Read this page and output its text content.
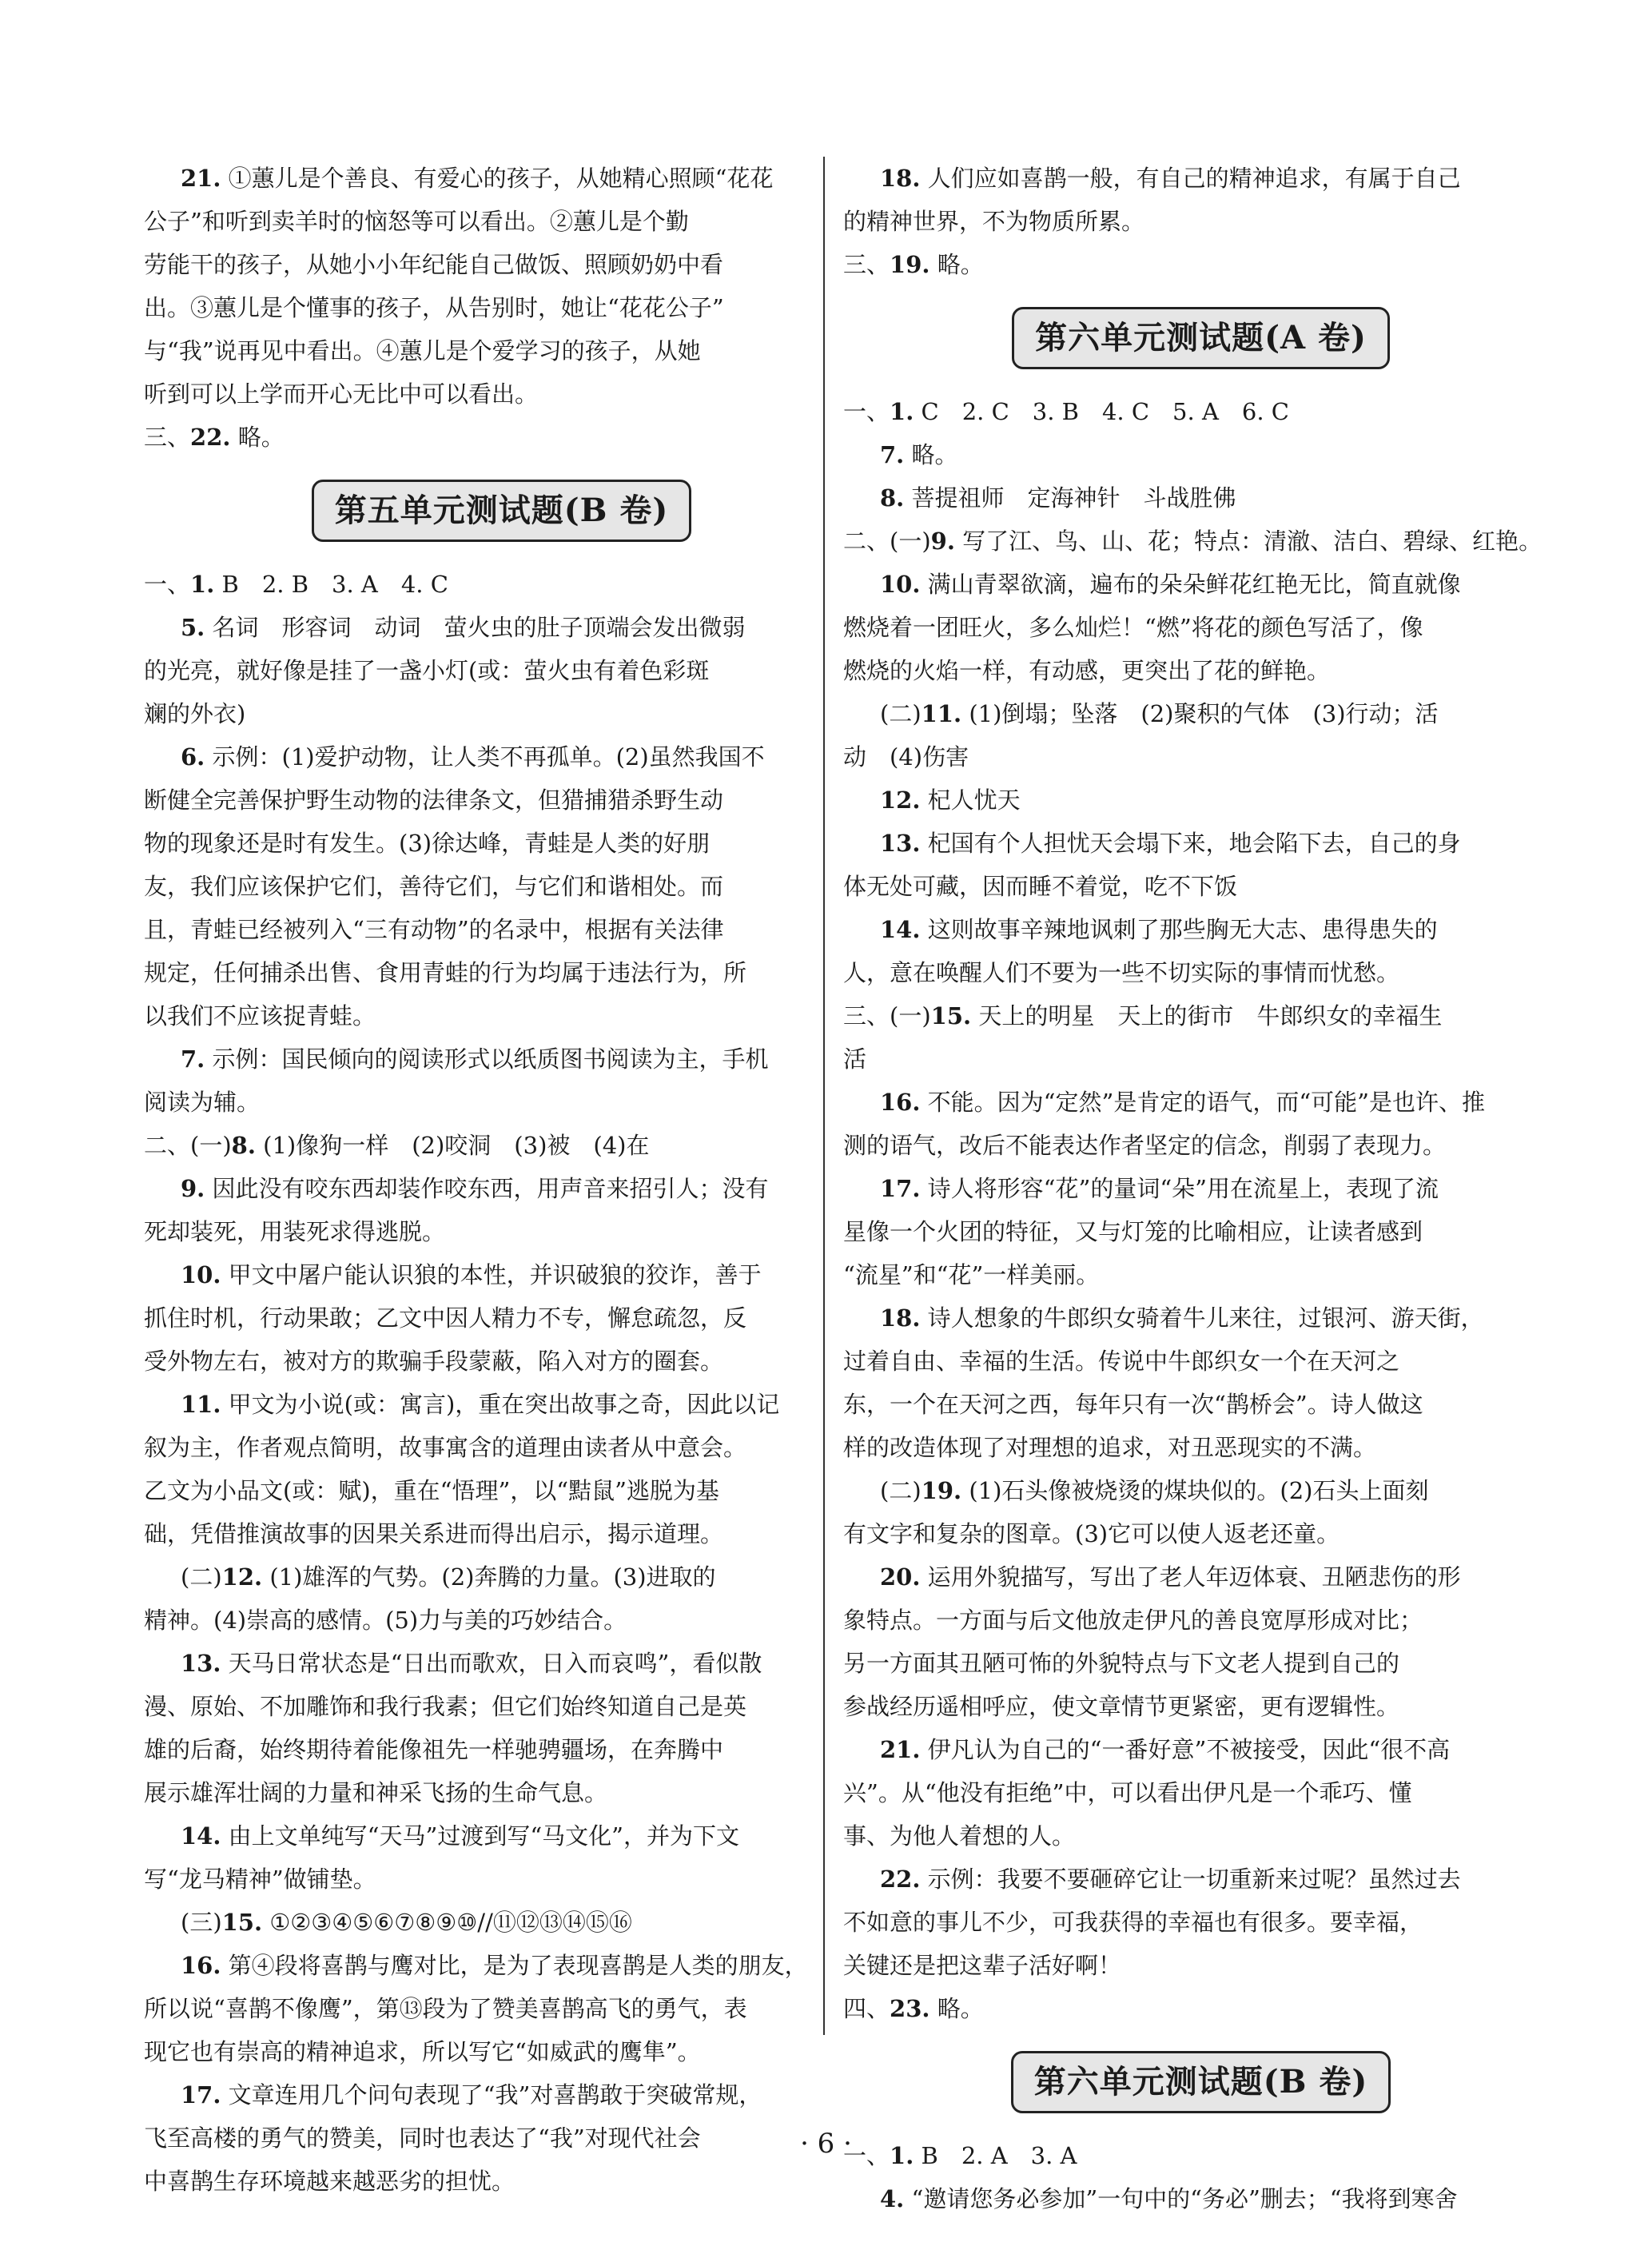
21. ①蕙儿是个善良、有爱心的孩子，从她精心照顾“花花
公子”和听到卖羊时的恼怒等可以看出。②蕙儿是个勤
劳能干的孩子，从她小小年纪能自己做饭、照顾奶奶中看
出。③蕙儿是个懂事的孩子，从告别时，她让“花花公子”
与“我”说再见中看出。④蕙儿是个爱学习的孩子，从她
听到可以上学而开心无比中可以看出。
三、22. 略。
第五单元测试题(B 卷)
一、1. B　2. B　3. A　4. C
5. 名词　形容词　动词　萤火虫的肚子顶端会发出微弱
的光亮，就好像是挂了一盏小灯(或：萤火虫有着色彩斑
斓的外衣)
6. 示例：(1)爱护动物，让人类不再孤单。(2)虽然我国不
断健全完善保护野生动物的法律条文，但猎捕猎杀野生动
物的现象还是时有发生。(3)徐达峰，青蛙是人类的好朋
友，我们应该保护它们，善待它们，与它们和谐相处。而
且，青蛙已经被列入“三有动物”的名录中，根据有关法律
规定，任何捕杀出售、食用青蛙的行为均属于违法行为，所
以我们不应该捉青蛙。
7. 示例：国民倾向的阅读形式以纸质图书阅读为主，手机
阅读为辅。
二、(一)8. (1)像狗一样　(2)咬洞　(3)被　(4)在
9. 因此没有咬东西却装作咬东西，用声音来招引人；没有
死却装死，用装死求得逃脱。
10. 甲文中屠户能认识狼的本性，并识破狼的狡诈，善于
抓住时机，行动果敢；乙文中因人精力不专，懈怠疏忽，反
受外物左右，被对方的欺骗手段蒙蔽，陷入对方的圈套。
11. 甲文为小说(或：寓言)，重在突出故事之奇，因此以记
叙为主，作者观点简明，故事寓含的道理由读者从中意会。
乙文为小品文(或：赋)，重在“悟理”，以“黠鼠”逃脱为基
础，凭借推演故事的因果关系进而得出启示，揭示道理。
(二)12. (1)雄浑的气势。(2)奔腾的力量。(3)进取的
精神。(4)崇高的感情。(5)力与美的巧妙结合。
13. 天马日常状态是“日出而歌欢，日入而哀鸣”，看似散
漫、原始、不加雕饰和我行我素；但它们始终知道自己是英
雄的后裔，始终期待着能像祖先一样驰骋疆场，在奔腾中
展示雄浑壮阔的力量和神采飞扬的生命气息。
14. 由上文单纯写“天马”过渡到写“马文化”，并为下文
写“龙马精神”做铺垫。
(三)15. ①②③④⑤⑥⑦⑧⑨⑩//⑪⑫⑬⑭⑮⑯
16. 第④段将喜鹊与鹰对比，是为了表现喜鹊是人类的朋友，
所以说“喜鹊不像鹰”，第⑬段为了赞美喜鹊高飞的勇气，表
现它也有崇高的精神追求，所以写它“如威武的鹰隼”。
17. 文章连用几个问句表现了“我”对喜鹊敢于突破常规，
飞至高楼的勇气的赞美，同时也表达了“我”对现代社会
中喜鹊生存环境越来越恶劣的担忧。
18. 人们应如喜鹊一般，有自己的精神追求，有属于自己
的精神世界，不为物质所累。
三、19. 略。
第六单元测试题(A 卷)
一、1. C　2. C　3. B　4. C　5. A　6. C
7. 略。
8. 菩提祖师　定海神针　斗战胜佛
二、(一)9. 写了江、鸟、山、花；特点：清澈、洁白、碧绿、红艳。
10. 满山青翠欲滴，遍布的朵朵鲜花红艳无比，简直就像
燃烧着一团旺火，多么灿烂！“燃”将花的颜色写活了，像
燃烧的火焰一样，有动感，更突出了花的鲜艳。
(二)11. (1)倒塌；坠落　(2)聚积的气体　(3)行动；活
动　(4)伤害
12. 杞人忧天
13. 杞国有个人担忧天会塌下来，地会陷下去，自己的身
体无处可藏，因而睡不着觉，吃不下饭
14. 这则故事辛辣地讽刺了那些胸无大志、患得患失的
人，意在唤醒人们不要为一些不切实际的事情而忧愁。
三、(一)15. 天上的明星　天上的街市　牛郎织女的幸福生
活
16. 不能。因为“定然”是肯定的语气，而“可能”是也许、推
测的语气，改后不能表达作者坚定的信念，削弱了表现力。
17. 诗人将形容“花”的量词“朵”用在流星上，表现了流
星像一个火团的特征，又与灯笼的比喻相应，让读者感到
“流星”和“花”一样美丽。
18. 诗人想象的牛郎织女骑着牛儿来往，过银河、游天街，
过着自由、幸福的生活。传说中牛郎织女一个在天河之
东，一个在天河之西，每年只有一次“鹊桥会”。诗人做这
样的改造体现了对理想的追求，对丑恶现实的不满。
(二)19. (1)石头像被烧烫的煤块似的。(2)石头上面刻
有文字和复杂的图章。(3)它可以使人返老还童。
20. 运用外貌描写，写出了老人年迈体衰、丑陋悲伤的形
象特点。一方面与后文他放走伊凡的善良宽厚形成对比；
另一方面其丑陋可怖的外貌特点与下文老人提到自己的
参战经历遥相呼应，使文章情节更紧密，更有逻辑性。
21. 伊凡认为自己的“一番好意”不被接受，因此“很不高
兴”。从“他没有拒绝”中，可以看出伊凡是一个乖巧、懂
事、为他人着想的人。
22. 示例：我要不要砸碎它让一切重新来过呢？虽然过去
不如意的事儿不少，可我获得的幸福也有很多。要幸福，
关键还是把这辈子活好啊！
四、23. 略。
第六单元测试题(B 卷)
一、1. B　2. A　3. A
4. “邀请您务必参加”一句中的“务必”删去；“我将到寒舍
· 6 ·
